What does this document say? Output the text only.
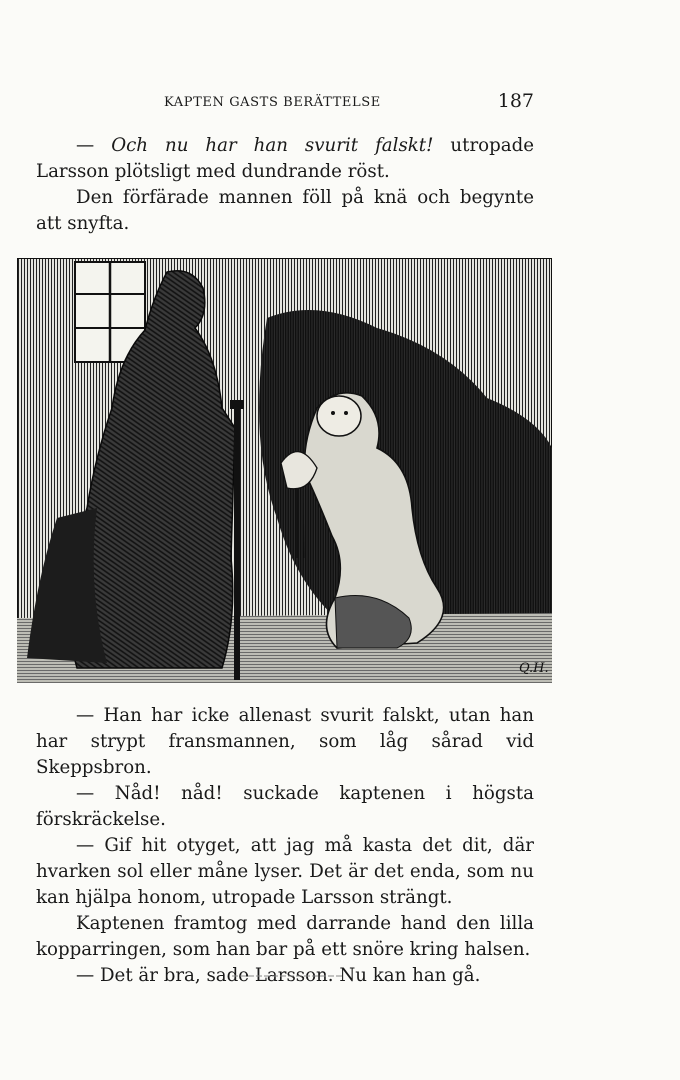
KAPTEN GASTS BERÄTTELSE	187

— Och nu har han svurit falskt! utropade Larsson plötsligt med dundrande röst.

Den förfärade mannen föll på knä och begynte att snyfta.

Q.H.

— Han har icke allenast svurit falskt, utan han har strypt fransmannen, som låg sårad vid Skeppsbron.

— Nåd! nåd! suckade kaptenen i högsta förskräckelse.

— Gif hit otyget, att jag må kasta det dit, där hvarken sol eller måne lyser. Det är det enda, som nu kan hjälpa honom, utropade Larsson strängt.

Kaptenen framtog med darrande hand den lilla kopparringen, som han bar på ett snöre kring halsen.

— Det är bra, sade Larsson. Nu kan han gå.
